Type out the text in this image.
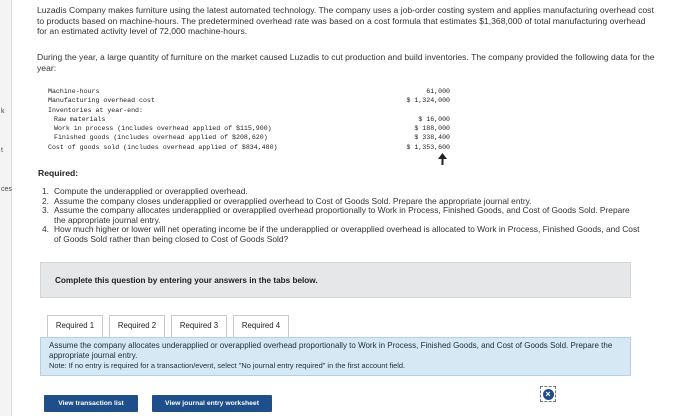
k
t
ces

Luzadis Company makes furniture using the latest automated technology. The company uses a job-order costing system and applies manufacturing overhead cost to products based on machine-hours. The predetermined overhead rate was based on a cost formula that estimates $1,368,000 of total manufacturing overhead for an estimated activity level of 72,000 machine-hours.

During the year, a large quantity of furniture on the market caused Luzadis to cut production and build inventories. The company provided the following data for the year:

Machine-hours	61,000
Manufacturing overhead cost	$ 1,324,000
Inventories at year-end:
Raw materials	$ 16,000
Work in process (includes overhead applied of $115,900)	$ 188,000
Finished goods (includes overhead applied of $208,620)	$ 338,400
Cost of goods sold (includes overhead applied of $834,480)	$ 1,353,600
Required:
1. Compute the underapplied or overapplied overhead.
2. Assume the company closes underapplied or overapplied overhead to Cost of Goods Sold. Prepare the appropriate journal entry.
3. Assume the company allocates underapplied or overapplied overhead proportionally to Work in Process, Finished Goods, and Cost of Goods Sold. Prepare the appropriate journal entry.
4. How much higher or lower will net operating income be if the underapplied or overapplied overhead is allocated to Work in Process, Finished Goods, and Cost of Goods Sold rather than being closed to Cost of Goods Sold?
Complete this question by entering your answers in the tabs below.
Required 1	Required 2	Required 3	Required 4

Assume the company allocates underapplied or overapplied overhead proportionally to Work in Process, Finished Goods, and Cost of Goods Sold. Prepare the appropriate journal entry.

Note: If no entry is required for a transaction/event, select "No journal entry required" in the first account field.

View transaction list	View journal entry worksheet
×
